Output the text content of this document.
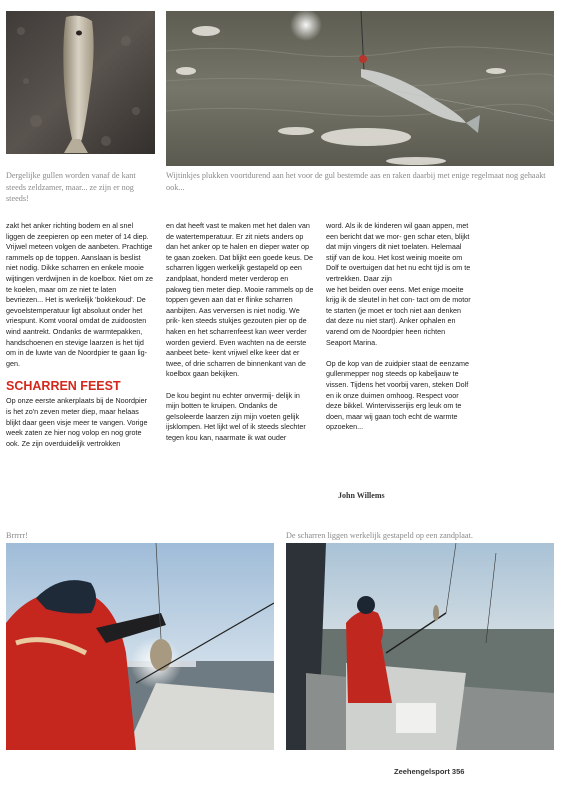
Dergelijke gullen worden vanaf de kant steeds zeldzamer, maar... ze zijn er nog steeds!
Wijtinkjes plukken voortdurend aan het voor de gul bestemde aas en raken daarbij met enige regelmaat nog gehaakt ook...

zakt het anker richting bodem en al snel liggen de zeepieren op een meter of 14 diep. Vrijwel meteen volgen de aanbeten. Prachtige rammels op de toppen. Aanslaan is beslist niet nodig. Dikke scharren en enkele mooie wijtingen verdwijnen in de koelbox. Niet om ze te koelen, maar om ze niet te laten bevriezen... Het is werkelijk 'bokkekoud'. De gevoelstemperatuur ligt absoluut onder het vriespunt. Komt vooral omdat de zuidoosten wind aantrekt. Ondanks de warmtepakken, handschoenen en stevige laarzen is het tijd om in de luwte van de Noordpier te gaan lig- gen.

SCHARREN FEEST

Op onze eerste ankerplaats bij de Noordpier is het zo'n zeven meter diep, maar helaas blijkt daar geen visje meer te vangen. Vorige week zaten ze hier nog volop en nog grote ook. Ze zijn overduidelijk vertrokken

en dat heeft vast te maken met het dalen van de watertemperatuur. Er zit niets anders op dan het anker op te halen en dieper water op te gaan zoeken. Dat blijkt een goede keus. De scharren liggen werkelijk gestapeld op een zandplaat, honderd meter verderop en pakweg tien meter diep. Mooie rammels op de toppen geven aan dat er flinke scharren aanbijten. Aas verversen is niet nodig. We prik- ken steeds stukjes gezouten pier op de haken en het scharrenfeest kan weer verder worden gevierd. Even wachten na de eerste aanbeet bete- kent vrijwel elke keer dat er twee, of drie scharren de binnenkant van de koelbox gaan bekijken.

De kou begint nu echter onvermij- delijk in mijn botten te kruipen. Ondanks de geïsoleerde laarzen zijn mijn voeten gelijk ijsklompen. Het lijkt wel of ik steeds slechter tegen kou kan, naarmate ik wat ouder

word. Als ik de kinderen wil gaan appen, met een bericht dat we mor- gen schar eten, blijkt dat mijn vingers dit niet toelaten. Helemaal stijf van de kou. Het kost weinig moeite om Dolf te overtuigen dat het nu echt tijd is om te vertrekken. Daar zijn

we het beiden over eens. Met enige moeite krijg ik de sleutel in het con- tact om de motor te starten (je moet er toch niet aan denken dat deze nu niet start). Anker ophalen en varend om de Noordpier heen richten Seaport Marina.

Op de kop van de zuidpier staat de eenzame gullenmepper nog steeds op kabeljauw te vissen. Tijdens het voorbij varen, steken Dolf en ik onze duimen omhoog. Respect voor deze bikkel. Wintervisserijis erg leuk om te doen, maar wij gaan toch echt de warmte opzoeken...

John Willems
Brrrrr!	De scharren liggen werkelijk gestapeld op een zandplaat.
Zeehengelsport 356
